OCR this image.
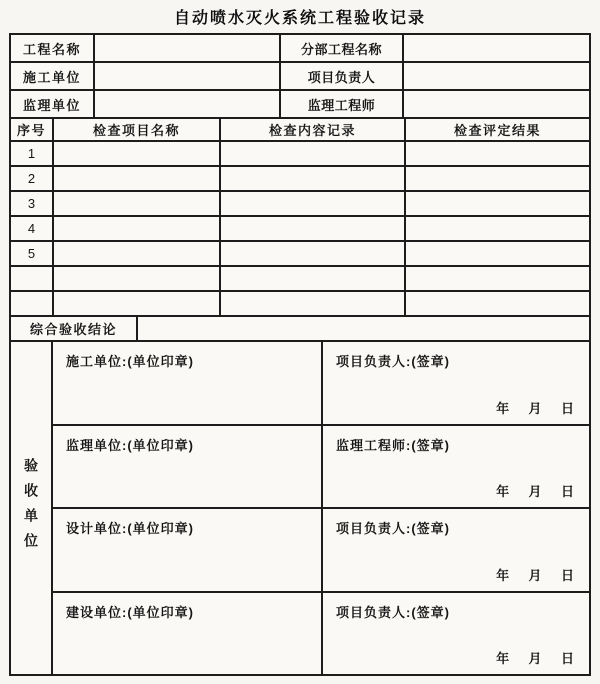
自动喷水灭火系统工程验收记录
工程名称	分部工程名称
施工单位	项目负责人
监理单位	监理工程师
序号	检查项目名称	检查内容记录	检查评定结果
1
2
3
4
5
综合验收结论
验收单位
施工单位:(单位印章)	项目负责人:(签章)
年    月    日
监理单位:(单位印章)	监理工程师:(签章)
年    月    日
设计单位:(单位印章)	项目负责人:(签章)
年    月    日
建设单位:(单位印章)	项目负责人:(签章)
年    月    日
